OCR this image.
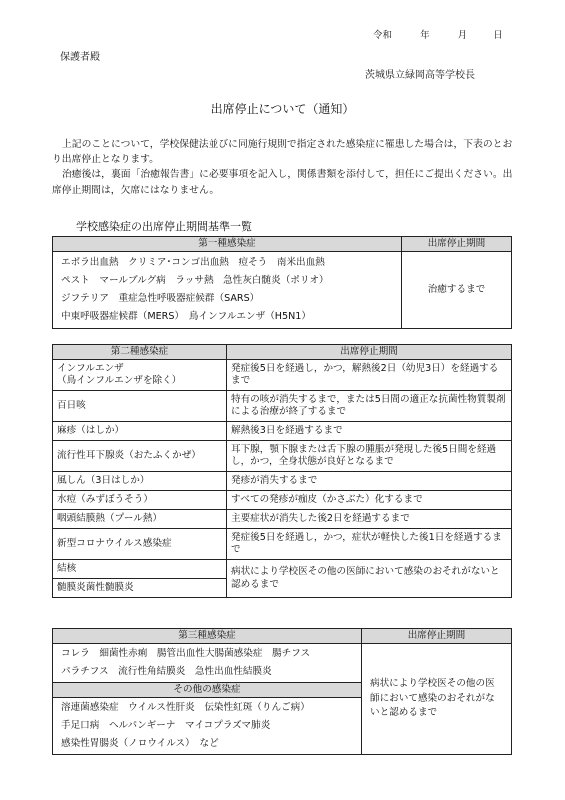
令和	年	月	日
保護者殿
茨城県立緑岡高等学校長
出席停止について（通知）

上記のことについて，学校保健法並びに同施行規則で指定された感染症に罹患した場合は，下表のとおり出席停止となります。

治癒後は，裏面「治癒報告書」に必要事項を記入し，関係書類を添付して，担任にご提出ください。出席停止期間は，欠席にはなりません。

学校感染症の出席停止期間基準一覧
第一種感染症	出席停止期間

エボラ出血熱　クリミア･コンゴ出血熱　痘そう　南米出血熱
ペスト　マールブルグ病　ラッサ熱　急性灰白髄炎（ポリオ）
ジフテリア　重症急性呼吸器症候群（SARS）
中東呼吸器症候群（MERS）　鳥インフルエンザ（H5N1）	治癒するまで
第二種感染症	出席停止期間
インフルエンザ
（鳥インフルエンザを除く）	発症後5日を経過し，かつ，解熱後2日（幼児3日）を経過するまで
百日咳	特有の咳が消失するまで，または5日間の適正な抗菌性物質製剤による治療が終了するまで
麻疹（はしか）	解熱後3日を経過するまで
流行性耳下腺炎（おたふくかぜ）	耳下腺，顎下腺または舌下腺の腫脹が発現した後5日間を経過し，かつ，全身状態が良好となるまで
風しん（3日はしか）	発疹が消失するまで
水痘（みずぼうそう）	すべての発疹が痂皮（かさぶた）化するまで
咽頭結膜熱（プール熱）	主要症状が消失した後2日を経過するまで
新型コロナウイルス感染症	発症後5日を経過し，かつ，症状が軽快した後1日を経過するまで
結核	病状により学校医その他の医師において感染のおそれがないと認めるまで
髄膜炎菌性髄膜炎	
第三種感染症	出席停止期間

コレラ　細菌性赤痢　腸管出血性大腸菌感染症　腸チフス
パラチフス　流行性角結膜炎　急性出血性結膜炎	病状により学校医その他の医師において感染のおそれがないと認めるまで
その他の感染症	

溶連菌感染症　ウイルス性肝炎　伝染性紅斑（りんご病）
手足口病　ヘルパンギーナ　マイコプラズマ肺炎
感染性胃腸炎（ノロウイルス）　など	
